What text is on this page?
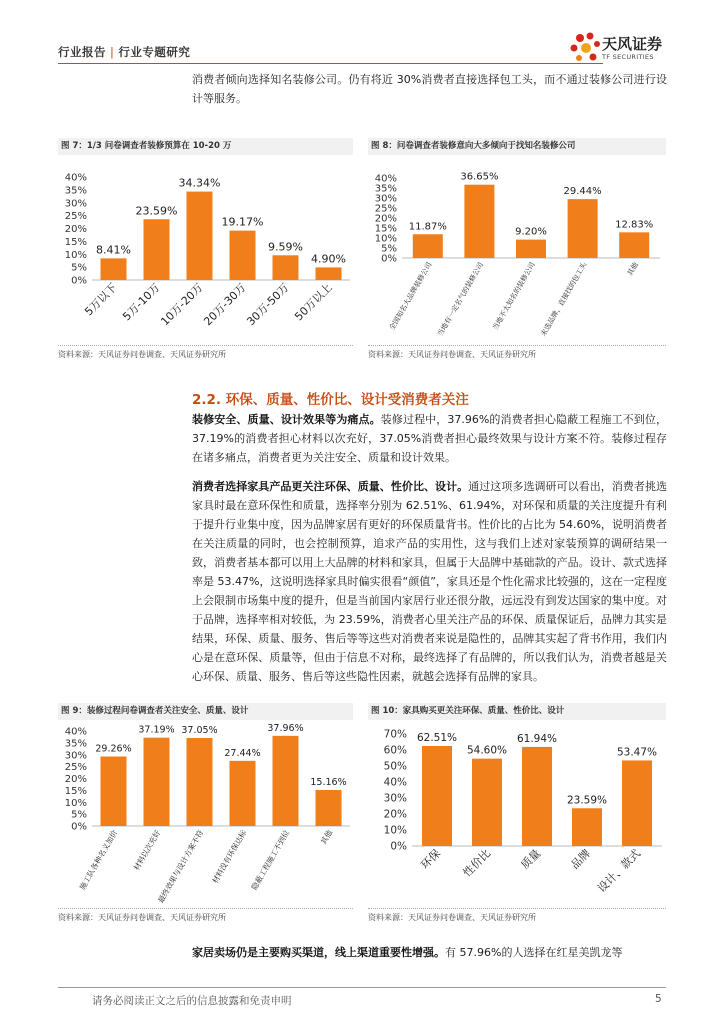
行业报告 | 行业专题研究	天风证券
TF SECURITIES

消费者倾向选择知名装修公司。仍有将近 30%消费者直接选择包工头，而不通过装修公司进行设计等服务。

图 7：1/3 问卷调查者装修预算在 10-20 万
0%
5%
10%
15%
20%
25%
30%
35%
40%
8.41%
5万以下
23.59%
5万-10万
34.34%
10万-20万
19.17%
20万-30万
9.59%
30万-50万
4.90%
50万以上
资料来源：天风证券问卷调查、天风证券研究所
图 8：问卷调查者装修意向大多倾向于找知名装修公司
0%
5%
10%
15%
20%
25%
30%
35%
40%
11.87%
全国知名大品牌装修公司
36.65%
当地有一定名气的装修公司
9.20%
当地不太知名的装修公司
29.44%
未选品牌，直接找的包工头
12.83%
其他
资料来源：天风证券问卷调查、天风证券研究所
2.2. 环保、质量、性价比、设计受消费者关注

装修安全、质量、设计效果等为痛点。装修过程中，37.96%的消费者担心隐蔽工程施工不到位，37.19%的消费者担心材料以次充好，37.05%消费者担心最终效果与设计方案不符。装修过程存在诸多痛点，消费者更为关注安全、质量和设计效果。

消费者选择家具产品更关注环保、质量、性价比、设计。通过这项多选调研可以看出，消费者挑选家具时最在意环保性和质量，选择率分别为 62.51%、61.94%，对环保和质量的关注度提升有利于提升行业集中度，因为品牌家居有更好的环保质量背书。性价比的占比为 54.60%，说明消费者在关注质量的同时，也会控制预算，追求产品的实用性，这与我们上述对家装预算的调研结果一致，消费者基本都可以用上大品牌的材料和家具，但属于大品牌中基础款的产品。设计、款式选择率是 53.47%，这说明选择家具时偏实很看“颜值”，家具还是个性化需求比较强的，这在一定程度上会限制市场集中度的提升，但是当前国内家居行业还很分散，远远没有到发达国家的集中度。对于品牌，选择率相对较低，为 23.59%，消费者心里关注产品的环保、质量保证后，品牌力其实是结果，环保、质量、服务、售后等等这些对消费者来说是隐性的，品牌其实起了背书作用，我们内心是在意环保、质量等，但由于信息不对称，最终选择了有品牌的，所以我们认为，消费者越是关心环保、质量、服务、售后等这些隐性因素，就越会选择有品牌的家具。

图 9：装修过程问卷调查者关注安全、质量、设计
0%
5%
10%
15%
20%
25%
30%
35%
40%
29.26%
施工队各种名义加价
37.19%
材料以次充好
37.05%
最终效果与设计方案不符
27.44%
材料没有环保达标
37.96%
隐蔽工程施工不到位
15.16%
其他
资料来源：天风证券问卷调查、天风证券研究所
图 10：家具购买更关注环保、质量、性价比、设计
0%
10%
20%
30%
40%
50%
60%
70% 62.51%
环保
54.60%
性价比
61.94%
质量
23.59%
品牌
53.47%
设计、款式
资料来源：天风证券问卷调查、天风证券研究所

家居卖场仍是主要购买渠道，线上渠道重要性增强。有 57.96%的人选择在红星美凯龙等

请务必阅读正文之后的信息披露和免责申明	5
